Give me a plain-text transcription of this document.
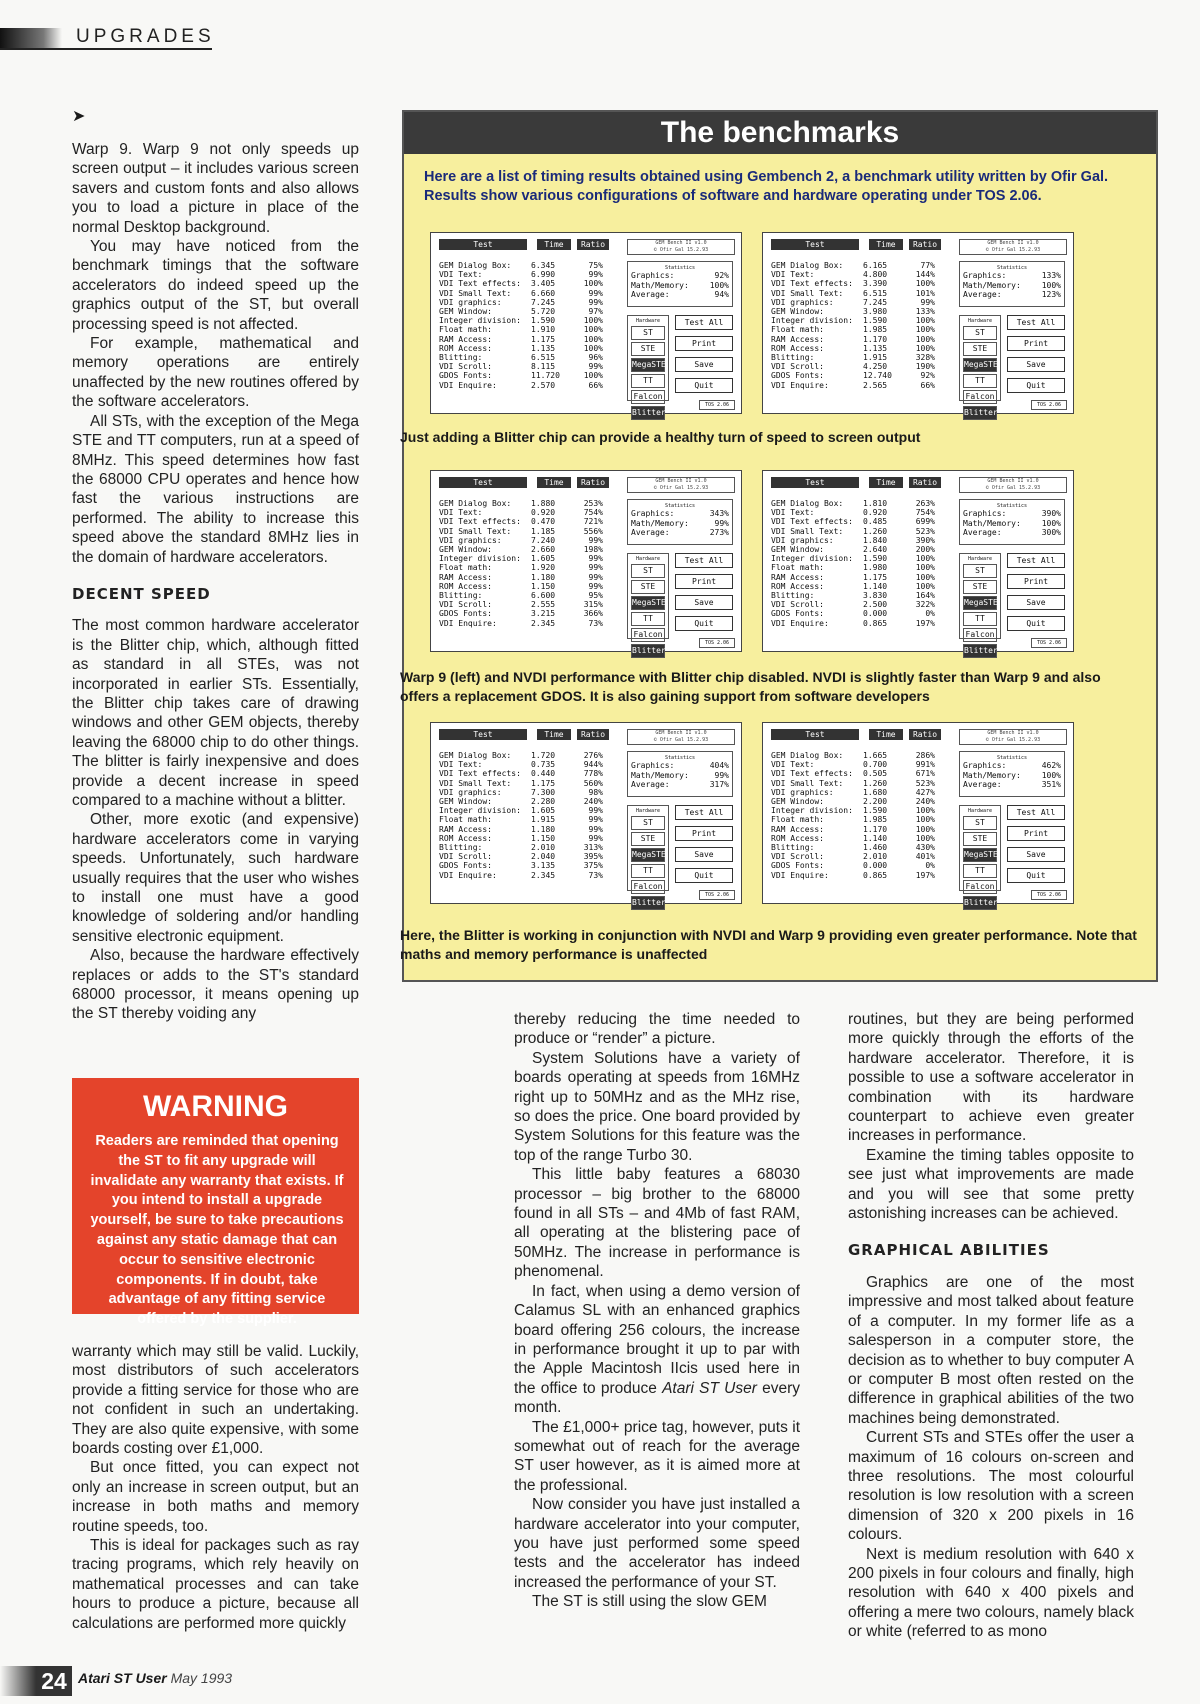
UPGRADES
➤

Warp 9. Warp 9 not only speeds up screen output – it includes various screen savers and custom fonts and also allows you to load a picture in place of the normal Desktop background.

You may have noticed from the benchmark timings that the software accelerators do indeed speed up the graphics output of the ST, but overall processing speed is not affected.

For example, mathematical and memory operations are entirely unaffected by the new routines offered by the software accelerators.

All STs, with the exception of the Mega STE and TT computers, run at a speed of 8MHz. This speed determines how fast the 68000 CPU operates and hence how fast the various instructions are performed. The ability to increase this speed above the standard 8MHz lies in the domain of hardware accelerators.

DECENT SPEED

The most common hardware accelerator is the Blitter chip, which, although fitted as standard in all STEs, was not incorporated in earlier STs. Essentially, the Blitter chip takes care of drawing windows and other GEM objects, thereby leaving the 68000 chip to do other things. The blitter is fairly inexpensive and does provide a decent increase in speed compared to a machine without a blitter.

Other, more exotic (and expensive) hardware accelerators come in varying speeds. Unfortunately, such hardware usually requires that the user who wishes to install one must have a good knowledge of soldering and/or handling sensitive electronic equipment.

Also, because the hardware effectively replaces or adds to the ST's standard 68000 processor, it means opening up the ST thereby voiding any

WARNING
Readers are reminded that opening the ST to fit any upgrade will invalidate any warranty that exists. If you intend to install a upgrade yourself, be sure to take precautions against any static damage that can occur to sensitive electronic components. If in doubt, take advantage of any fitting service offered by the supplier.

warranty which may still be valid. Luckily, most distributors of such accelerators provide a fitting service for those who are not confident in such an undertaking. They are also quite expensive, with some boards costing over £1,000.

But once fitted, you can expect not only an increase in screen output, but an increase in both maths and memory routine speeds, too.

This is ideal for packages such as ray tracing programs, which rely heavily on mathematical processes and can take hours to produce a picture, because all calculations are performed more quickly

The benchmarks
Here are a list of timing results obtained using Gembench 2, a benchmark utility written by Ofir Gal. Results show various configurations of software and hardware operating under TOS 2.06.
Test	Time	Ratio	GEM Bench II v1.0
© Ofir Gal 15.2.93
GEM Dialog Box:	6.345	75%
VDI Text:	6.990	99%
VDI Text effects:	3.405	100%
VDI Small Text:	6.660	99%
VDI graphics:	7.245	99%
GEM Window:	5.720	97%
Integer division:	1.590	100%
Float math:	1.910	100%
RAM Access:	1.175	100%
ROM Access:	1.135	100%
Blitting:	6.515	96%
VDI Scroll:	8.115	99%
GDOS Fonts:	11.720	100%
VDI Enquire:	2.570	66%
Statistics
Graphics:	92%
Math/Memory:	100%
Average:	94%
Hardware
ST
STE
MegaSTE
TT
Falcon
Blitter
Test All
Print
Save
Quit
TOS 2.06
Test	Time	Ratio	GEM Bench II v1.0
© Ofir Gal 15.2.93
GEM Dialog Box:	6.165	77%
VDI Text:	4.800	144%
VDI Text effects:	3.390	100%
VDI Small Text:	6.515	101%
VDI graphics:	7.245	99%
GEM Window:	3.980	133%
Integer division:	1.590	100%
Float math:	1.985	100%
RAM Access:	1.170	100%
ROM Access:	1.135	100%
Blitting:	1.915	328%
VDI Scroll:	4.250	190%
GDOS Fonts:	12.740	92%
VDI Enquire:	2.565	66%
Statistics
Graphics:	133%
Math/Memory:	100%
Average:	123%
Hardware
ST
STE
MegaSTE
TT
Falcon
Blitter
Test All
Print
Save
Quit
TOS 2.06
Test	Time	Ratio	GEM Bench II v1.0
© Ofir Gal 15.2.93
GEM Dialog Box:	1.880	253%
VDI Text:	0.920	754%
VDI Text effects:	0.470	721%
VDI Small Text:	1.185	556%
VDI graphics:	7.240	99%
GEM Window:	2.660	198%
Integer division:	1.605	99%
Float math:	1.920	99%
RAM Access:	1.180	99%
ROM Access:	1.150	99%
Blitting:	6.600	95%
VDI Scroll:	2.555	315%
GDOS Fonts:	3.215	366%
VDI Enquire:	2.345	73%
Statistics
Graphics:	343%
Math/Memory:	99%
Average:	273%
Hardware
ST
STE
MegaSTE
TT
Falcon
Blitter
Test All
Print
Save
Quit
TOS 2.06
Test	Time	Ratio	GEM Bench II v1.0
© Ofir Gal 15.2.93
GEM Dialog Box:	1.810	263%
VDI Text:	0.920	754%
VDI Text effects:	0.485	699%
VDI Small Text:	1.260	523%
VDI graphics:	1.840	390%
GEM Window:	2.640	200%
Integer division:	1.590	100%
Float math:	1.980	100%
RAM Access:	1.175	100%
ROM Access:	1.140	100%
Blitting:	3.830	164%
VDI Scroll:	2.500	322%
GDOS Fonts:	0.000	0%
VDI Enquire:	0.865	197%
Statistics
Graphics:	390%
Math/Memory:	100%
Average:	300%
Hardware
ST
STE
MegaSTE
TT
Falcon
Blitter
Test All
Print
Save
Quit
TOS 2.06
Test	Time	Ratio	GEM Bench II v1.0
© Ofir Gal 15.2.93
GEM Dialog Box:	1.720	276%
VDI Text:	0.735	944%
VDI Text effects:	0.440	778%
VDI Small Text:	1.175	560%
VDI graphics:	7.300	98%
GEM Window:	2.280	240%
Integer division:	1.605	99%
Float math:	1.915	99%
RAM Access:	1.180	99%
ROM Access:	1.150	99%
Blitting:	2.010	313%
VDI Scroll:	2.040	395%
GDOS Fonts:	3.135	375%
VDI Enquire:	2.345	73%
Statistics
Graphics:	404%
Math/Memory:	99%
Average:	317%
Hardware
ST
STE
MegaSTE
TT
Falcon
Blitter
Test All
Print
Save
Quit
TOS 2.06
Test	Time	Ratio	GEM Bench II v1.0
© Ofir Gal 15.2.93
GEM Dialog Box:	1.665	286%
VDI Text:	0.700	991%
VDI Text effects:	0.505	671%
VDI Small Text:	1.260	523%
VDI graphics:	1.680	427%
GEM Window:	2.200	240%
Integer division:	1.590	100%
Float math:	1.985	100%
RAM Access:	1.170	100%
ROM Access:	1.140	100%
Blitting:	1.460	430%
VDI Scroll:	2.010	401%
GDOS Fonts:	0.000	0%
VDI Enquire:	0.865	197%
Statistics
Graphics:	462%
Math/Memory:	100%
Average:	351%
Hardware
ST
STE
MegaSTE
TT
Falcon
Blitter
Test All
Print
Save
Quit
TOS 2.06
Just adding a Blitter chip can provide a healthy turn of speed to screen output
Warp 9 (left) and NVDI performance with Blitter chip disabled. NVDI is slightly faster than Warp 9 and also offers a replacement GDOS. It is also gaining support from software developers
Here, the Blitter is working in conjunction with NVDI and Warp 9 providing even greater performance. Note that maths and memory performance is unaffected

thereby reducing the time needed to produce or “render” a picture.

System Solutions have a variety of boards operating at speeds from 16MHz right up to 50MHz and as the MHz rise, so does the price. One board provided by System Solutions for this feature was the top of the range Turbo 30.

This little baby features a 68030 processor – big brother to the 68000 found in all STs – and 4Mb of fast RAM, all operating at the blistering pace of 50MHz. The increase in performance is phenomenal.

In fact, when using a demo version of Calamus SL with an enhanced graphics board offering 256 colours, the increase in performance brought it up to par with the Apple Macintosh IIcis used here in the office to produce Atari ST User every month.

The £1,000+ price tag, however, puts it somewhat out of reach for the average ST user however, as it is aimed more at the professional.

Now consider you have just installed a hardware accelerator into your computer, you have just performed some speed tests and the accelerator has indeed increased the performance of your ST.

The ST is still using the slow GEM

routines, but they are being performed more quickly through the efforts of the hardware accelerator. Therefore, it is possible to use a software accelerator in combination with its hardware counterpart to achieve even greater increases in performance.

Examine the timing tables opposite to see just what improvements are made and you will see that some pretty astonishing increases can be achieved.

GRAPHICAL ABILITIES

Graphics are one of the most impressive and most talked about feature of a computer. In my former life as a salesperson in a computer store, the decision as to whether to buy computer A or computer B most often rested on the difference in graphical abilities of the two machines being demonstrated.

Current STs and STEs offer the user a maximum of 16 colours on-screen and three resolutions. The most colourful resolution is low resolution with a screen dimension of 320 x 200 pixels in 16 colours.

Next is medium resolution with 640 x 200 pixels in four colours and finally, high resolution with 640 x 400 pixels and offering a mere two colours, namely black or white (referred to as mono

24 Atari ST User May 1993
